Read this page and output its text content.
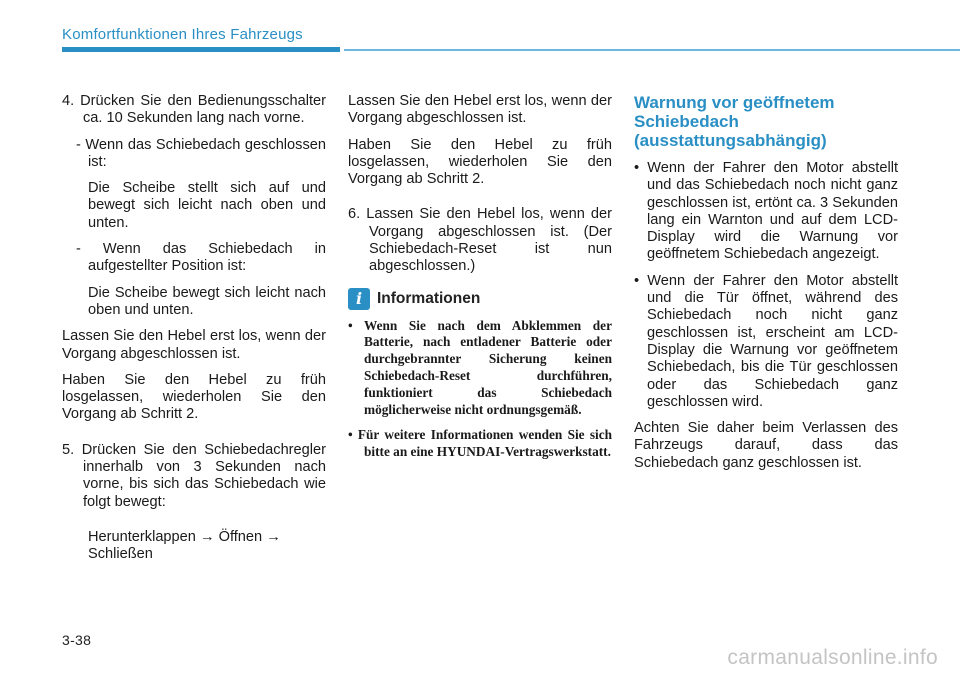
Komfortfunktionen Ihres Fahrzeugs
4. Drücken Sie den Bedienungsschalter ca. 10 Sekunden lang nach vorne.
- Wenn das Schiebedach geschlossen ist:
Die Scheibe stellt sich auf und bewegt sich leicht nach oben und unten.
- Wenn das Schiebedach in aufgestellter Position ist:
Die Scheibe bewegt sich leicht nach oben und unten.
Lassen Sie den Hebel erst los, wenn der Vorgang abgeschlossen ist.
Haben Sie den Hebel zu früh losgelassen, wiederholen Sie den Vorgang ab Schritt 2.
5. Drücken Sie den Schiebedachregler innerhalb von 3 Sekunden nach vorne, bis sich das Schiebedach wie folgt bewegt:
Herunterklappen → Öffnen → Schließen
Lassen Sie den Hebel erst los, wenn der Vorgang abgeschlossen ist.
Haben Sie den Hebel zu früh losgelassen, wiederholen Sie den Vorgang ab Schritt 2.
6. Lassen Sie den Hebel los, wenn der Vorgang abgeschlossen ist. (Der Schiebedach-Reset ist nun abgeschlossen.)
i Informationen
• Wenn Sie nach dem Abklemmen der Batterie, nach entladener Batterie oder durchgebrannter Sicherung keinen Schiebedach-Reset durchführen, funktioniert das Schiebedach möglicherweise nicht ordnungsgemäß.
• Für weitere Informationen wenden Sie sich bitte an eine HYUNDAI-Vertragswerkstatt.
Warnung vor geöffnetem Schiebedach (ausstattungsabhängig)
• Wenn der Fahrer den Motor abstellt und das Schiebedach noch nicht ganz geschlossen ist, ertönt ca. 3 Sekunden lang ein Warnton und auf dem LCD-Display wird die Warnung vor geöffnetem Schiebedach angezeigt.
• Wenn der Fahrer den Motor abstellt und die Tür öffnet, während des Schiebedach noch nicht ganz geschlossen ist, erscheint am LCD-Display die Warnung vor geöffnetem Schiebedach, bis die Tür geschlossen oder das Schiebedach ganz geschlossen wird.
Achten Sie daher beim Verlassen des Fahrzeugs darauf, dass das Schiebedach ganz geschlossen ist.
3-38
carmanualsonline.info
